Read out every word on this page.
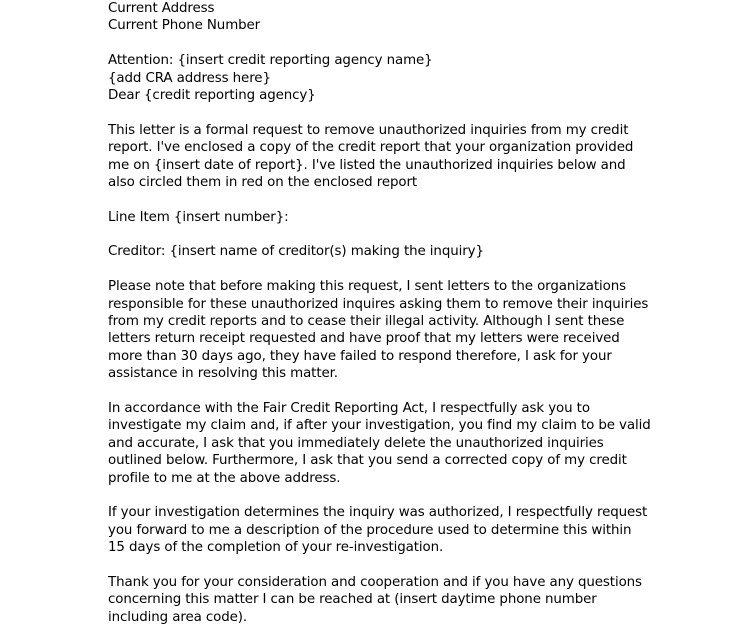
Current Address
Current Phone Number
Attention: {insert credit reporting agency name}
{add CRA address here}
Dear {credit reporting agency}
This letter is a formal request to remove unauthorized inquiries from my credit
report. I've enclosed a copy of the credit report that your organization provided
me on {insert date of report}. I've listed the unauthorized inquiries below and
also circled them in red on the enclosed report
Line Item {insert number}:
Creditor: {insert name of creditor(s) making the inquiry}
Please note that before making this request, I sent letters to the organizations
responsible for these unauthorized inquires asking them to remove their inquiries
from my credit reports and to cease their illegal activity. Although I sent these
letters return receipt requested and have proof that my letters were received
more than 30 days ago, they have failed to respond therefore, I ask for your
assistance in resolving this matter.
In accordance with the Fair Credit Reporting Act, I respectfully ask you to
investigate my claim and, if after your investigation, you find my claim to be valid
and accurate, I ask that you immediately delete the unauthorized inquiries
outlined below. Furthermore, I ask that you send a corrected copy of my credit
profile to me at the above address.
If your investigation determines the inquiry was authorized, I respectfully request
you forward to me a description of the procedure used to determine this within
15 days of the completion of your re-investigation.
Thank you for your consideration and cooperation and if you have any questions
concerning this matter I can be reached at (insert daytime phone number
including area code).
